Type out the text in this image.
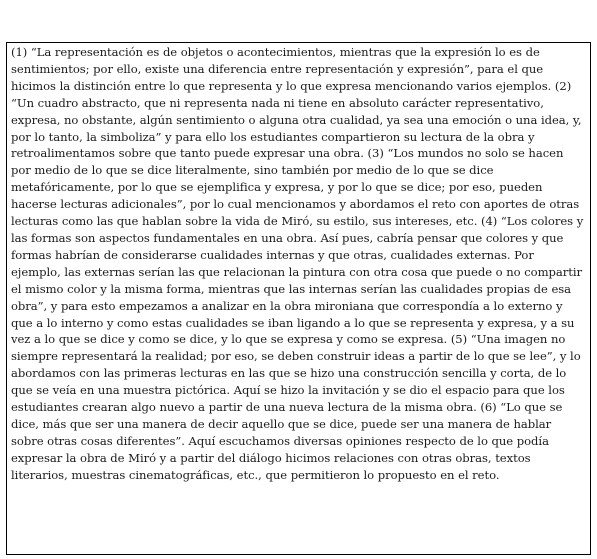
(1) “La representación es de objetos o acontecimientos, mientras que la expresión lo es de sentimientos; por ello, existe una diferencia entre representación y expresión”, para el que hicimos la distinción entre lo que representa y lo que expresa mencionando varios ejemplos. (2) “Un cuadro abstracto, que ni representa nada ni tiene en absoluto carácter representativo, expresa, no obstante, algún sentimiento o alguna otra cualidad, ya sea una emoción o una idea, y, por lo tanto, la simboliza” y para ello los estudiantes compartieron su lectura de la obra y retroalimentamos sobre que tanto puede expresar una obra. (3) “Los mundos no solo se hacen por medio de lo que se dice literalmente, sino también por medio de lo que se dice metafóricamente, por lo que se ejemplifica y expresa, y por lo que se dice; por eso, pueden hacerse lecturas adicionales”, por lo cual mencionamos y abordamos el reto con aportes de otras lecturas como las que hablan sobre la vida de Miró, su estilo, sus intereses, etc. (4) “Los colores y las formas son aspectos fundamentales en una obra. Así pues, cabría pensar que colores y que formas habrían de considerarse cualidades internas y que otras, cualidades externas. Por ejemplo, las externas serían las que relacionan la pintura con otra cosa que puede o no compartir el mismo color y la misma forma, mientras que las internas serían las cualidades propias de esa obra”, y para esto empezamos a analizar en la obra mironiana que correspondía a lo externo y que a lo interno y como estas cualidades se iban ligando a lo que se representa y expresa, y a su vez a lo que se dice y como se dice, y lo que se expresa y como se expresa. (5) “Una imagen no siempre representará la realidad; por eso, se deben construir ideas a partir de lo que se lee”, y lo abordamos con las primeras lecturas en las que se hizo una construcción sencilla y corta, de lo que se veía en una muestra pictórica. Aquí se hizo la invitación y se dio el espacio para que los estudiantes crearan algo nuevo a partir de una nueva lectura de la misma obra. (6) “Lo que se dice, más que ser una manera de decir aquello que se dice, puede ser una manera de hablar sobre otras cosas diferentes”. Aquí escuchamos diversas opiniones respecto de lo que podía expresar la obra de Miró y a partir del diálogo hicimos relaciones con otras obras, textos literarios, muestras cinematográficas, etc., que permitieron lo propuesto en el reto.
